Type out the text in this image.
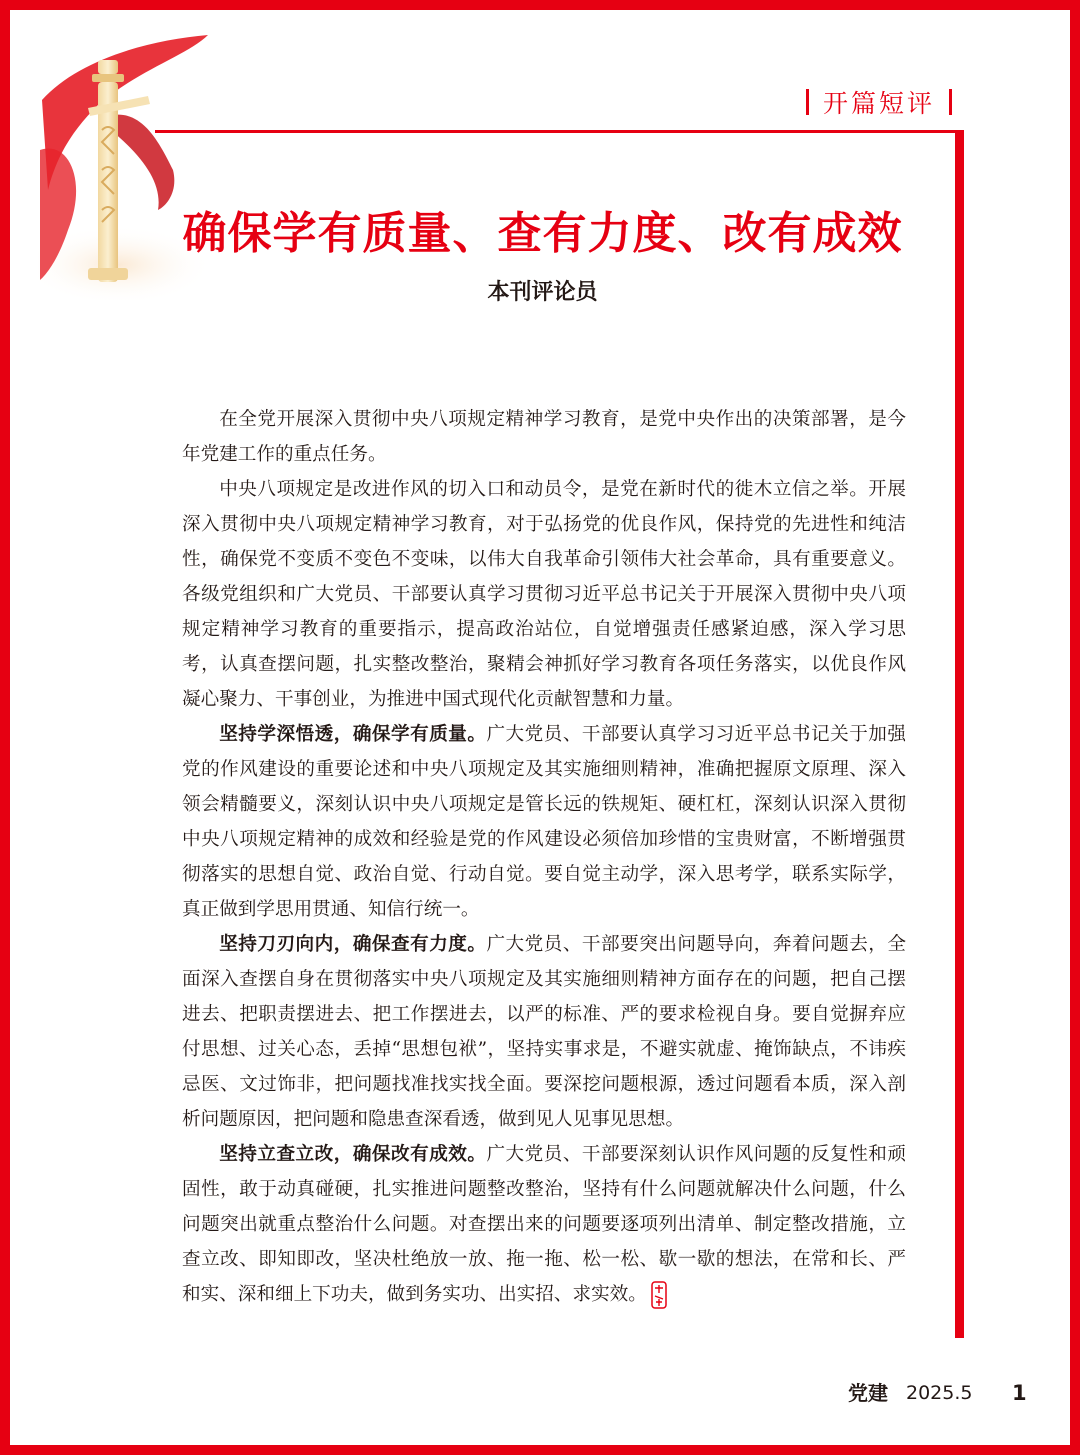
开篇短评
确保学有质量、查有力度、改有成效
本刊评论员

在全党开展深入贯彻中央八项规定精神学习教育，是党中央作出的决策部署，是今年党建工作的重点任务。

中央八项规定是改进作风的切入口和动员令，是党在新时代的徙木立信之举。开展深入贯彻中央八项规定精神学习教育，对于弘扬党的优良作风，保持党的先进性和纯洁性，确保党不变质不变色不变味，以伟大自我革命引领伟大社会革命，具有重要意义。各级党组织和广大党员、干部要认真学习贯彻习近平总书记关于开展深入贯彻中央八项规定精神学习教育的重要指示，提高政治站位，自觉增强责任感紧迫感，深入学习思考，认真查摆问题，扎实整改整治，聚精会神抓好学习教育各项任务落实，以优良作风凝心聚力、干事创业，为推进中国式现代化贡献智慧和力量。

坚持学深悟透，确保学有质量。广大党员、干部要认真学习习近平总书记关于加强党的作风建设的重要论述和中央八项规定及其实施细则精神，准确把握原文原理、深入领会精髓要义，深刻认识中央八项规定是管长远的铁规矩、硬杠杠，深刻认识深入贯彻中央八项规定精神的成效和经验是党的作风建设必须倍加珍惜的宝贵财富，不断增强贯彻落实的思想自觉、政治自觉、行动自觉。要自觉主动学，深入思考学，联系实际学，真正做到学思用贯通、知信行统一。

坚持刀刃向内，确保查有力度。广大党员、干部要突出问题导向，奔着问题去，全面深入查摆自身在贯彻落实中央八项规定及其实施细则精神方面存在的问题，把自己摆进去、把职责摆进去、把工作摆进去，以严的标准、严的要求检视自身。要自觉摒弃应付思想、过关心态，丢掉“思想包袱”，坚持实事求是，不避实就虚、掩饰缺点，不讳疾忌医、文过饰非，把问题找准找实找全面。要深挖问题根源，透过问题看本质，深入剖析问题原因，把问题和隐患查深看透，做到见人见事见思想。

坚持立查立改，确保改有成效。广大党员、干部要深刻认识作风问题的反复性和顽固性，敢于动真碰硬，扎实推进问题整改整治，坚持有什么问题就解决什么问题，什么问题突出就重点整治什么问题。对查摆出来的问题要逐项列出清单、制定整改措施，立查立改、即知即改，坚决杜绝放一放、拖一拖、松一松、歇一歇的想法，在常和长、严和实、深和细上下功夫，做到务实功、出实招、求实效。

党建 2025.5 1
